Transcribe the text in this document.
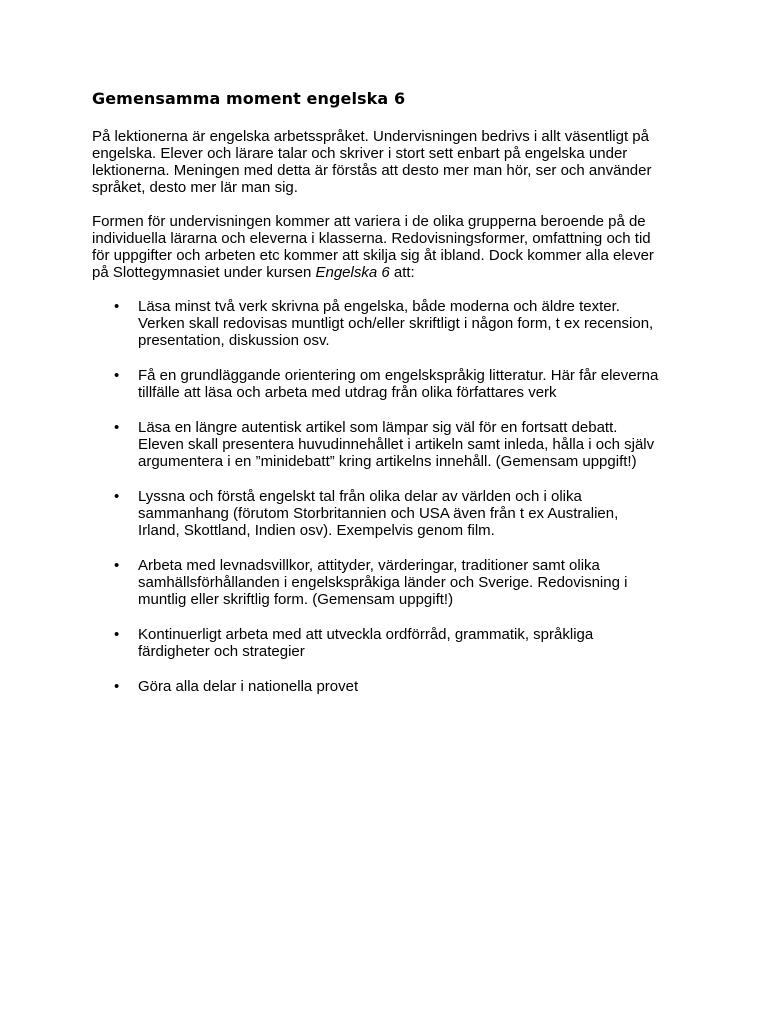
Gemensamma moment engelska 6

På lektionerna är engelska arbetsspråket. Undervisningen bedrivs i allt väsentligt på
engelska. Elever och lärare talar och skriver i stort sett enbart på engelska under
lektionerna. Meningen med detta är förstås att desto mer man hör, ser och använder
språket, desto mer lär man sig.

Formen för undervisningen kommer att variera i de olika grupperna beroende på de
individuella lärarna och eleverna i klasserna. Redovisningsformer, omfattning och tid
för uppgifter och arbeten etc kommer att skilja sig åt ibland. Dock kommer alla elever
på Slottegymnasiet under kursen Engelska 6 att:

•	Läsa minst två verk skrivna på engelska, både moderna och äldre texter.
Verken skall redovisas muntligt och/eller skriftligt i någon form, t ex recension,
presentation, diskussion osv.
•	Få en grundläggande orientering om engelskspråkig litteratur. Här får eleverna
tillfälle att läsa och arbeta med utdrag från olika författares verk
•	Läsa en längre autentisk artikel som lämpar sig väl för en fortsatt debatt.
Eleven skall presentera huvudinnehållet i artikeln samt inleda, hålla i och själv
argumentera i en ”minidebatt” kring artikelns innehåll. (Gemensam uppgift!)
•	Lyssna och förstå engelskt tal från olika delar av världen och i olika
sammanhang (förutom Storbritannien och USA även från t ex Australien,
Irland, Skottland, Indien osv). Exempelvis genom film.
•	Arbeta med levnadsvillkor, attityder, värderingar, traditioner samt olika
samhällsförhållanden i engelskspråkiga länder och Sverige. Redovisning i
muntlig eller skriftlig form. (Gemensam uppgift!)
•	Kontinuerligt arbeta med att utveckla ordförråd, grammatik, språkliga
färdigheter och strategier
•	Göra alla delar i nationella provet
